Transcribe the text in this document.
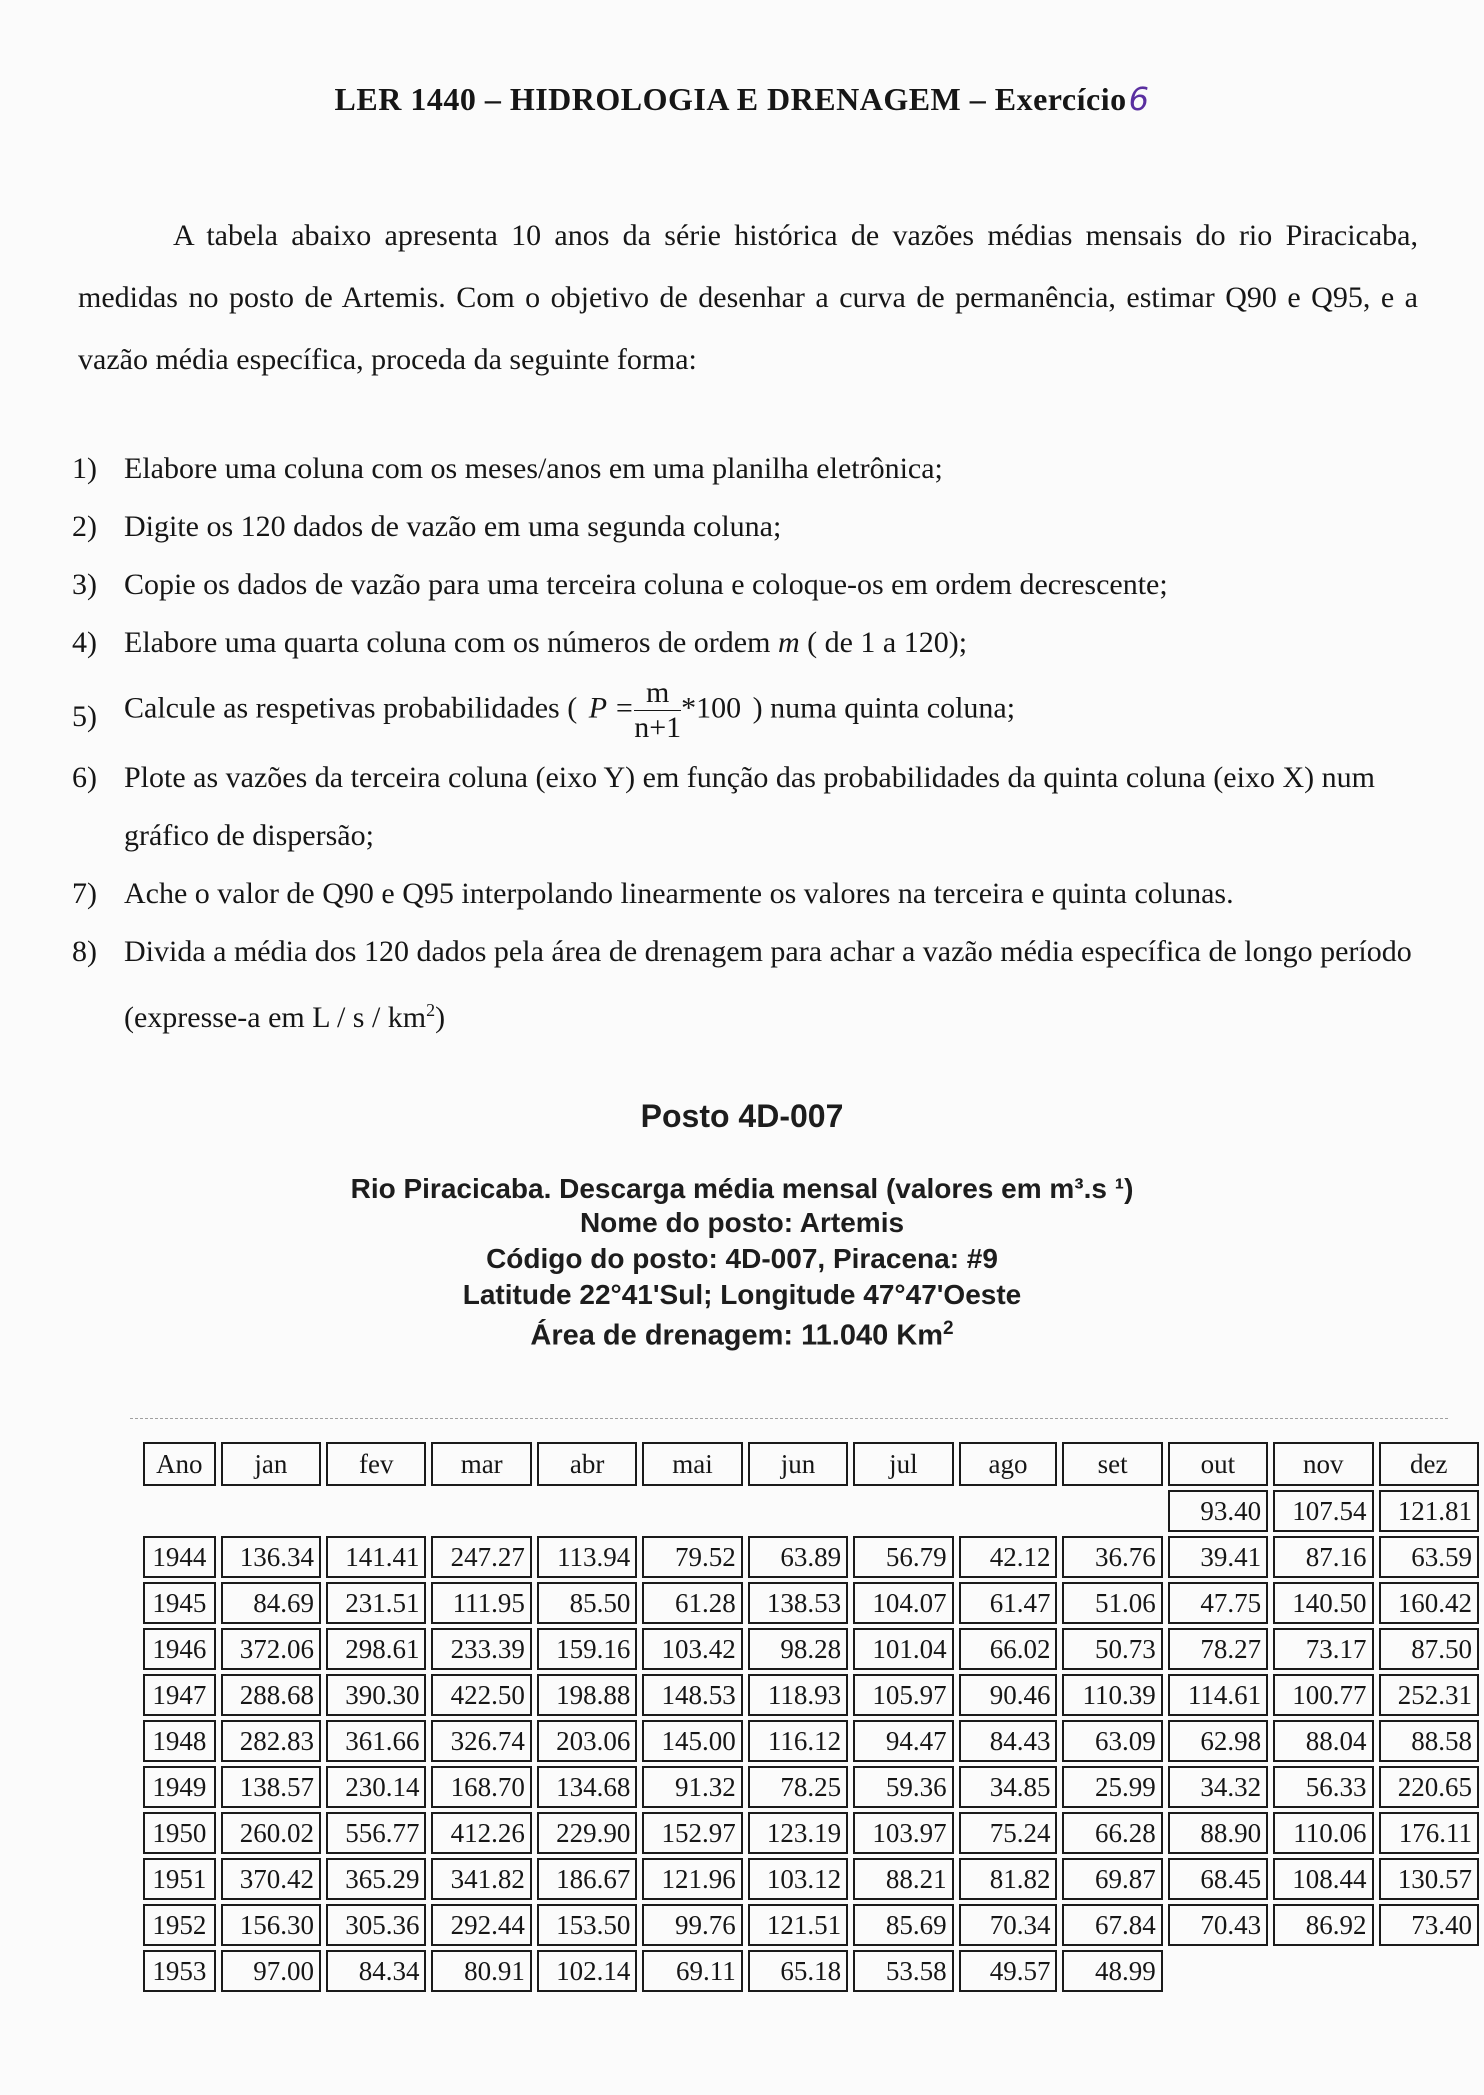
LER 1440 – HIDROLOGIA E DRENAGEM – Exercício6
A tabela abaixo apresenta 10 anos da série histórica de vazões médias mensais do rio Piracicaba, medidas no posto de Artemis. Com o objetivo de desenhar a curva de permanência, estimar Q90 e Q95, e a vazão média específica, proceda da seguinte forma:
1) Elabore uma coluna com os meses/anos em uma planilha eletrônica;
2) Digite os 120 dados de vazão em uma segunda coluna;
3) Copie os dados de vazão para uma terceira coluna e coloque-os em ordem decrescente;
4) Elabore uma quarta coluna com os números de ordem m ( de 1 a 120);
5) Calcule as respetivas probabilidades ( $P = \frac{m}{n+1} *100$ ) numa quinta coluna;
6) Plote as vazões da terceira coluna (eixo Y) em função das probabilidades da quinta coluna (eixo X) num gráfico de dispersão;
7) Ache o valor de Q90 e Q95 interpolando linearmente os valores na terceira e quinta colunas.
8) Divida a média dos 120 dados pela área de drenagem para achar a vazão média específica de longo período (expresse-a em L / s / $km^2$)
Posto 4D-007
Rio Piracicaba. Descarga média mensal (valores em m³.s ¹)
Nome do posto: Artemis
Código do posto: 4D-007, Piracena: #9
Latitude 22°41'Sul; Longitude 47°47'Oeste
Área de drenagem: 11.040 Km$^2$
Ano	jan	fev	mar	abr	mai	jun	jul	ago	set	out	nov	dez
										93.40	107.54	121.81
1944	136.34	141.41	247.27	113.94	79.52	63.89	56.79	42.12	36.76	39.41	87.16	63.59
1945	84.69	231.51	111.95	85.50	61.28	138.53	104.07	61.47	51.06	47.75	140.50	160.42
1946	372.06	298.61	233.39	159.16	103.42	98.28	101.04	66.02	50.73	78.27	73.17	87.50
1947	288.68	390.30	422.50	198.88	148.53	118.93	105.97	90.46	110.39	114.61	100.77	252.31
1948	282.83	361.66	326.74	203.06	145.00	116.12	94.47	84.43	63.09	62.98	88.04	88.58
1949	138.57	230.14	168.70	134.68	91.32	78.25	59.36	34.85	25.99	34.32	56.33	220.65
1950	260.02	556.77	412.26	229.90	152.97	123.19	103.97	75.24	66.28	88.90	110.06	176.11
1951	370.42	365.29	341.82	186.67	121.96	103.12	88.21	81.82	69.87	68.45	108.44	130.57
1952	156.30	305.36	292.44	153.50	99.76	121.51	85.69	70.34	67.84	70.43	86.92	73.40
1953	97.00	84.34	80.91	102.14	69.11	65.18	53.58	49.57	48.99			
